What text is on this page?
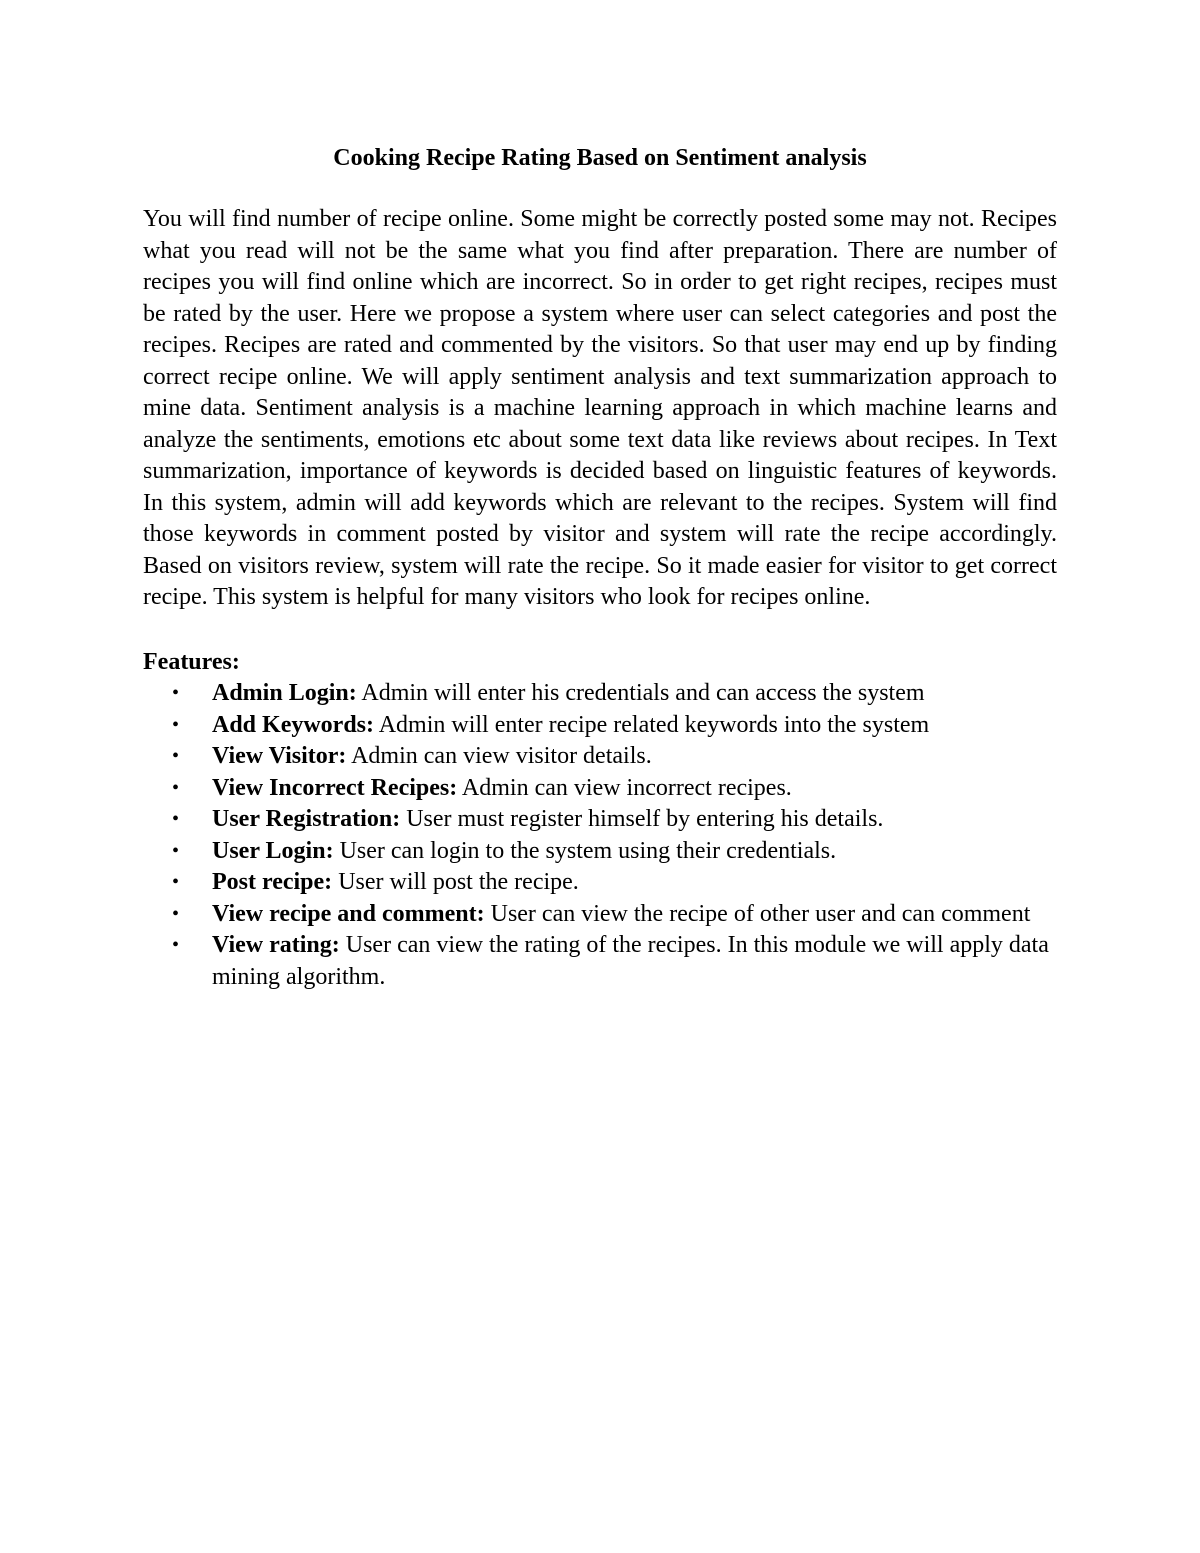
Cooking Recipe Rating Based on Sentiment analysis

You will find number of recipe online. Some might be correctly posted some may not. Recipes what you read will not be the same what you find after preparation. There are number of recipes you will find online which are incorrect. So in order to get right recipes, recipes must be rated by the user. Here we propose a system where user can select categories and post the recipes. Recipes are rated and commented by the visitors. So that user may end up by finding correct recipe online. We will apply sentiment analysis and text summarization approach to mine data. Sentiment analysis is a machine learning approach in which machine learns and analyze the sentiments, emotions etc about some text data like reviews about recipes. In Text summarization, importance of keywords is decided based on linguistic features of keywords. In this system, admin will add keywords which are relevant to the recipes. System will find those keywords in comment posted by visitor and system will rate the recipe accordingly. Based on visitors review, system will rate the recipe. So it made easier for visitor to get correct recipe. This system is helpful for many visitors who look for recipes online.

Features:
• Admin Login: Admin will enter his credentials and can access the system
• Add Keywords: Admin will enter recipe related keywords into the system
• View Visitor: Admin can view visitor details.
• View Incorrect Recipes: Admin can view incorrect recipes.
• User Registration: User must register himself by entering his details.
• User Login: User can login to the system using their credentials.
• Post recipe: User will post the recipe.
• View recipe and comment: User can view the recipe of other user and can comment
• View rating: User can view the rating of the recipes. In this module we will apply data mining algorithm.
